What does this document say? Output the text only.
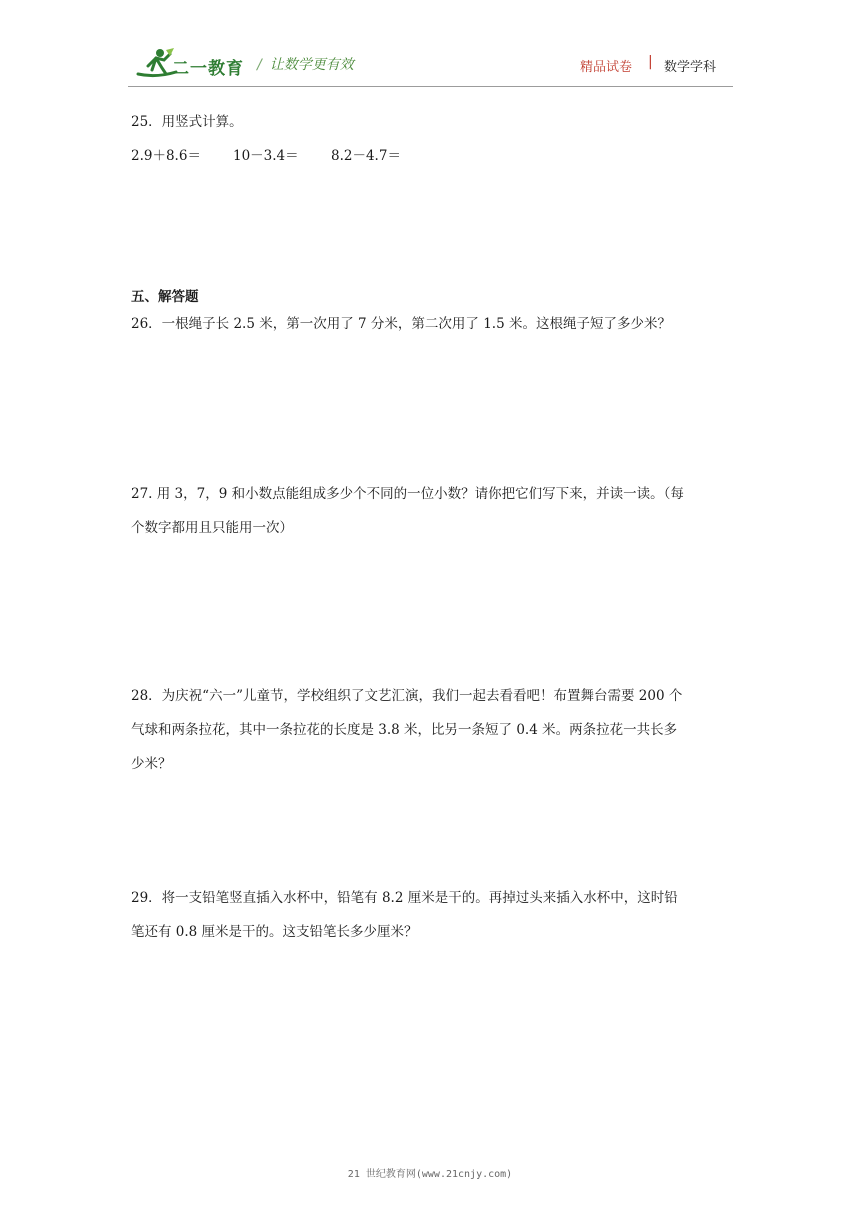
二一教育 / 让数学更有效	精品试卷 | 数学学科
25．用竖式计算。
2.9＋8.6＝ 10－3.4＝ 8.2－4.7＝
五、解答题
26．一根绳子长 2.5 米，第一次用了 7 分米，第二次用了 1.5 米。这根绳子短了多少米？
27. 用 3，7，9 和小数点能组成多少个不同的一位小数？请你把它们写下来，并读一读。（每
个数字都用且只能用一次）
28．为庆祝“六一”儿童节，学校组织了文艺汇演，我们一起去看看吧！布置舞台需要 200 个
气球和两条拉花，其中一条拉花的长度是 3.8 米，比另一条短了 0.4 米。两条拉花一共长多
少米？
29．将一支铅笔竖直插入水杯中，铅笔有 8.2 厘米是干的。再掉过头来插入水杯中，这时铅
笔还有 0.8 厘米是干的。这支铅笔长多少厘米？
21 世纪教育网(www.21cnjy.com)
